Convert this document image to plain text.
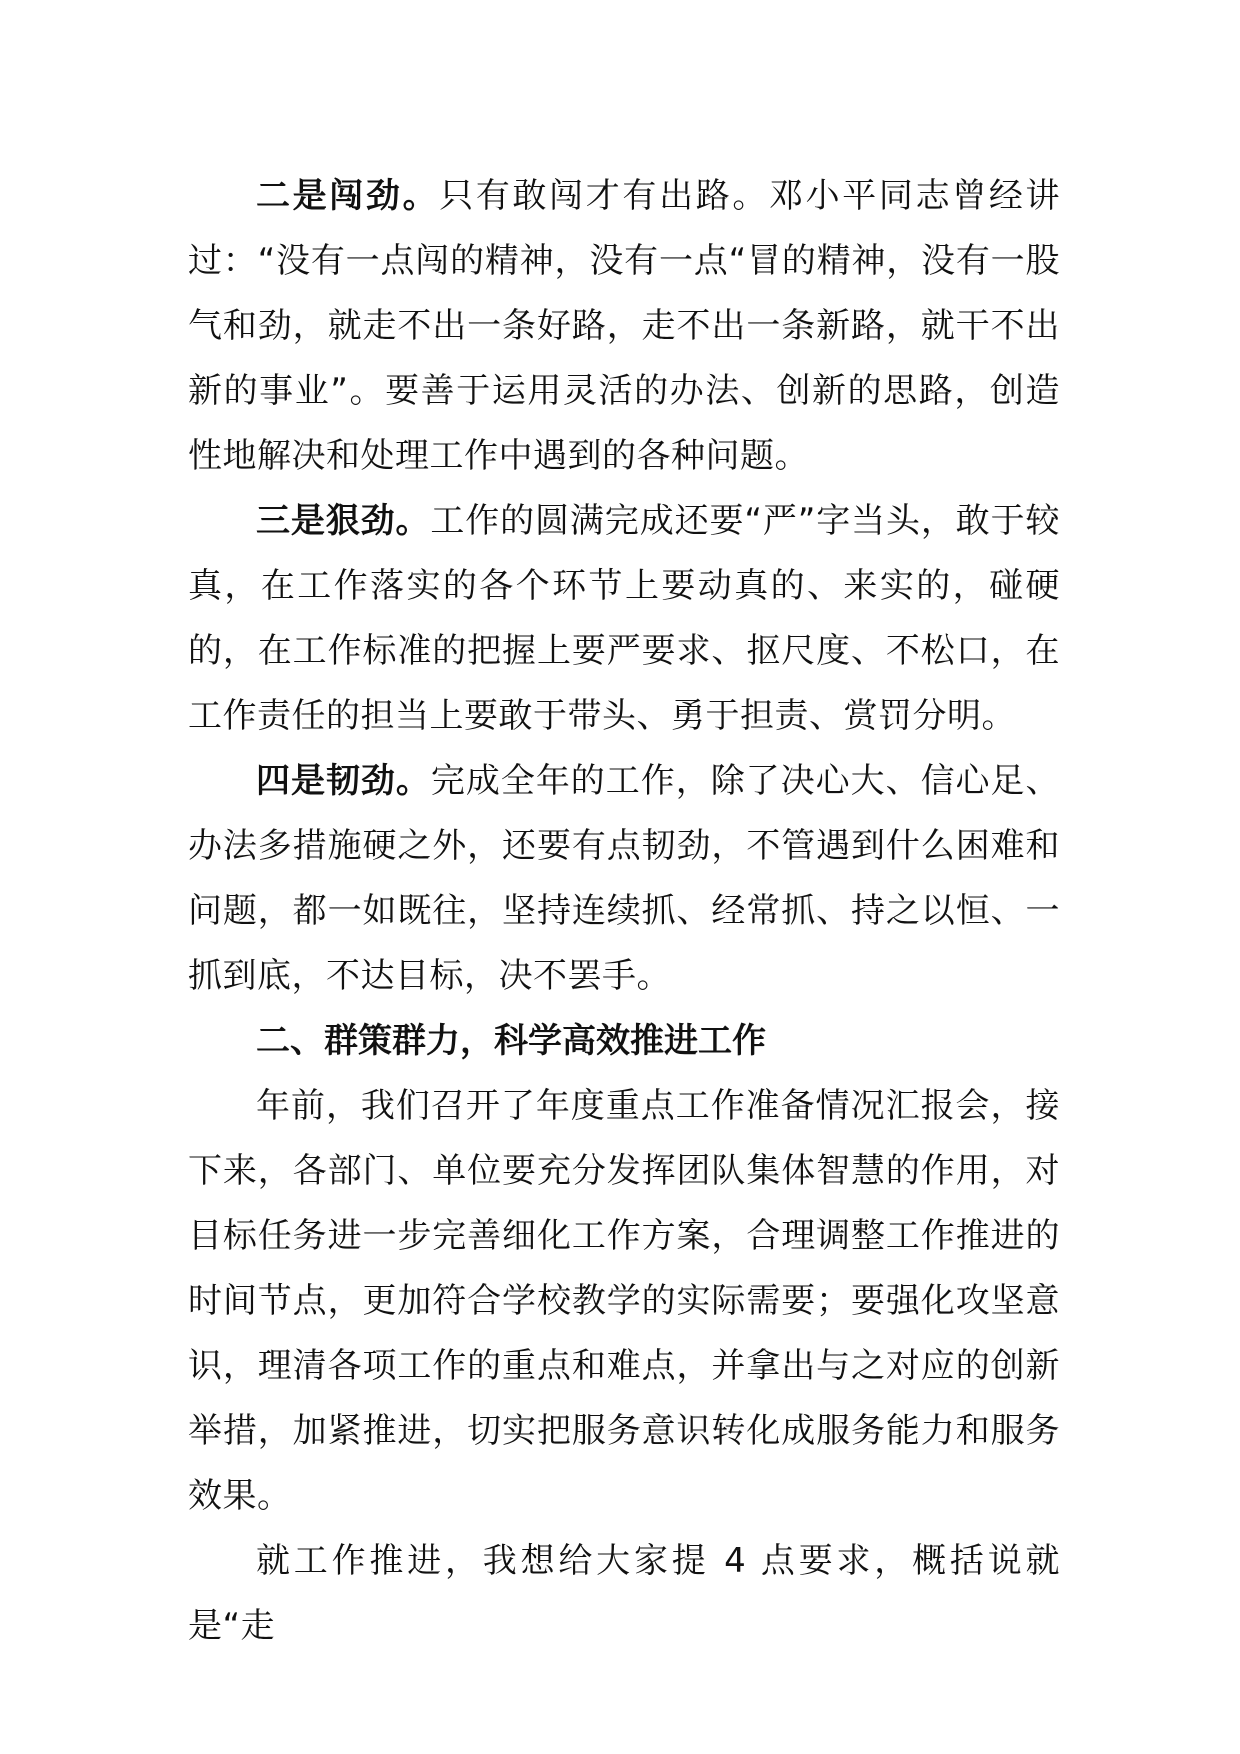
二是闯劲。只有敢闯才有出路。邓小平同志曾经讲过：“没有一点闯的精神，没有一点“冒的精神，没有一股气和劲，就走不出一条好路，走不出一条新路，就干不出新的事业”。要善于运用灵活的办法、创新的思路，创造性地解决和处理工作中遇到的各种问题。

三是狠劲。工作的圆满完成还要“严”字当头，敢于较真，在工作落实的各个环节上要动真的、来实的，碰硬的，在工作标准的把握上要严要求、抠尺度、不松口，在工作责任的担当上要敢于带头、勇于担责、赏罚分明。

四是韧劲。完成全年的工作，除了决心大、信心足、办法多措施硬之外，还要有点韧劲，不管遇到什么困难和问题，都一如既往，坚持连续抓、经常抓、持之以恒、一抓到底，不达目标，决不罢手。

二、群策群力，科学高效推进工作

年前，我们召开了年度重点工作准备情况汇报会，接下来，各部门、单位要充分发挥团队集体智慧的作用，对目标任务进一步完善细化工作方案，合理调整工作推进的时间节点，更加符合学校教学的实际需要；要强化攻坚意识，理清各项工作的重点和难点，并拿出与之对应的创新举措，加紧推进，切实把服务意识转化成服务能力和服务效果。

就工作推进，我想给大家提 4 点要求，概括说就是“走
